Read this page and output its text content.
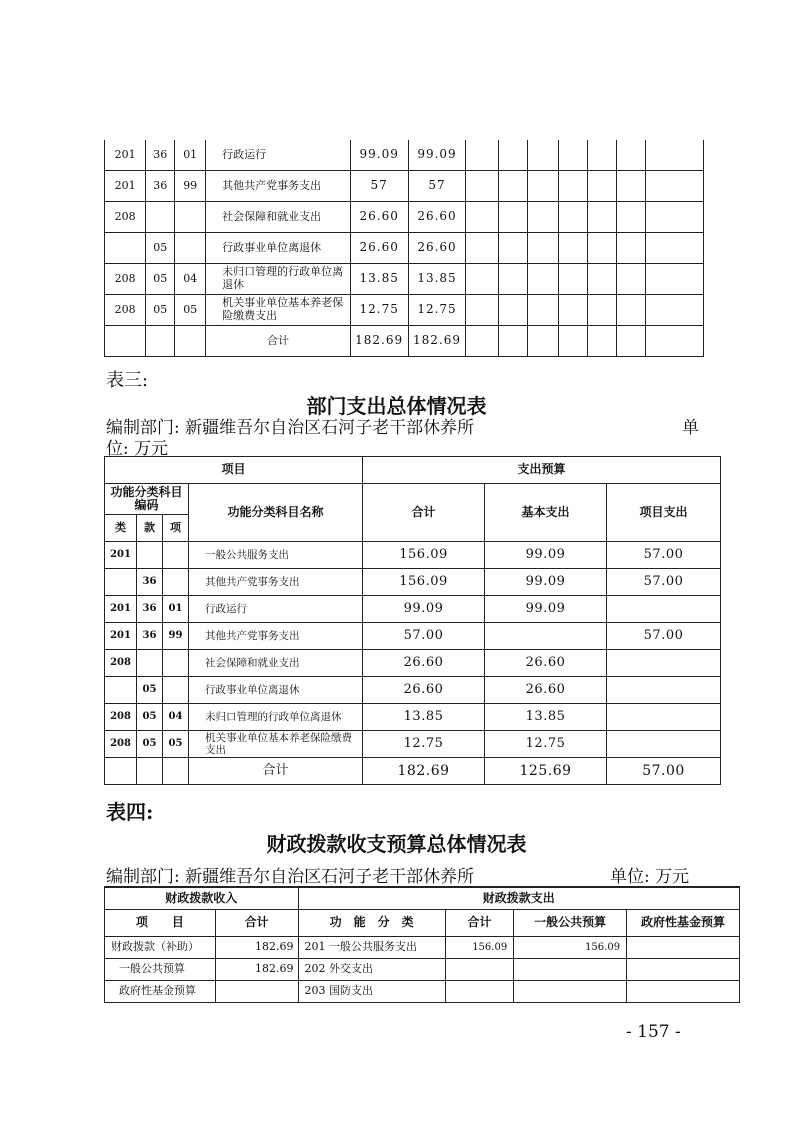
201	36	01	行政运行	99.09	99.09							
201	36	99	其他共产党事务支出	57	57							
208			社会保障和就业支出	26.60	26.60							
	05		行政事业单位离退休	26.60	26.60							
208	05	04	未归口管理的行政单位离退休	13.85	13.85							
208	05	05	机关事业单位基本养老保险缴费支出	12.75	12.75							
			合计	182.69	182.69							
表三:
部门支出总体情况表
编制部门: 新疆维吾尔自治区石河子老干部休养所	单
位: 万元
项目				支出预算		
功能分类科目编码			功能分类科目名称	合计	基本支出	项目支出
类	款	项				
201			一般公共服务支出	156.09	99.09	57.00
	36		其他共产党事务支出	156.09	99.09	57.00
201	36	01	行政运行	99.09	99.09	
201	36	99	其他共产党事务支出	57.00		57.00
208			社会保障和就业支出	26.60	26.60	
	05		行政事业单位离退休	26.60	26.60	
208	05	04	未归口管理的行政单位离退休	13.85	13.85	
208	05	05	机关事业单位基本养老保险缴费支出	12.75	12.75	
			合计	182.69	125.69	57.00
表四:
财政拨款收支预算总体情况表
编制部门: 新疆维吾尔自治区石河子老干部休养所	单位: 万元
财政拨款收入		财政拨款支出			
项　　目	合计	功　能　分　类	合计	一般公共预算	政府性基金预算
财政拨款（补助）	182.69	201 一般公共服务支出	156.09	156.09	
一般公共预算	182.69	202 外交支出			
政府性基金预算		203 国防支出			
- 157 -
